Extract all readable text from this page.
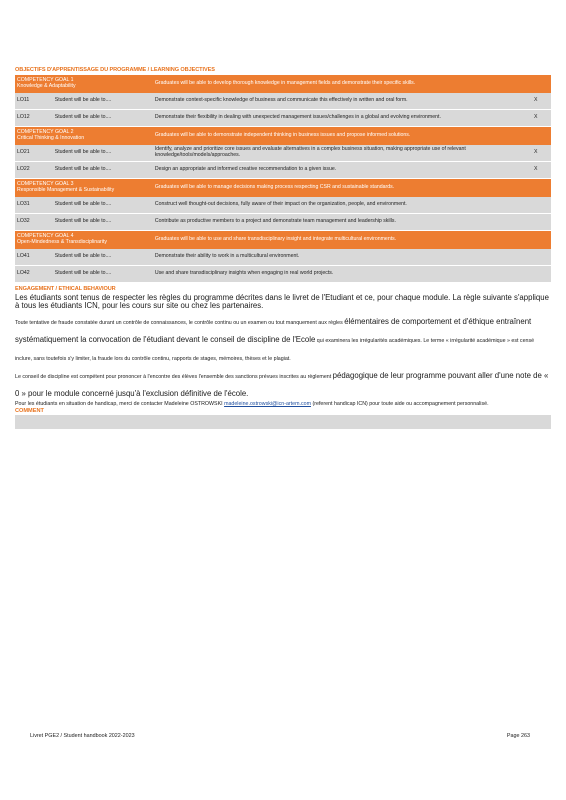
OBJECTIFS D'APPRENTISSAGE DU PROGRAMME / LEARNING OBJECTIVES
COMPETENCY GOAL 1
Knowledge & Adaptability		Graduates will be able to develop thorough knowledge in management fields and demonstrate their specific skills.	
LO11	Student will be able to....	Demonstrate context-specific knowledge of business and communicate this effectively in written and oral form.	X
LO12	Student will be able to....	Demonstrate their flexibility in dealing with unexpected management issues/challenges in a global and evolving environment.	X

COMPETENCY GOAL 2
Critical Thinking & Innovation		Graduates will be able to demonstrate independent thinking in business issues and propose informed solutions.	
LO21	Student will be able to....	Identify, analyze and prioritize core issues and evaluate alternatives in a complex business situation, making appropriate use of relevant knowledge/tools/models/approaches.	X
LO22	Student will be able to....	Design an appropriate and informed creative recommendation to a given issue.	X

COMPETENCY GOAL 3
Responsible Management & Sustainability		Graduates will be able to manage decisions making process respecting CSR and sustainable standards.	
LO31	Student will be able to....	Construct well thought-out decisions, fully aware of their impact on the organization, people, and environment.	
LO32	Student will be able to....	Contribute as productive members to a project and demonstrate team management and leadership skills.	

COMPETENCY GOAL 4
Open-Mindedness & Transdisciplinarity		Graduates will be able to use and share transdisciplinary insight and integrate multicultural environments.	
LO41	Student will be able to....	Demonstrate their ability to work in a multicultural environment.	
LO42	Student will be able to....	Use and share transdisciplinary insights when engaging in real world projects.	
ENGAGEMENT / ETHICAL BEHAVIOUR
Les étudiants sont tenus de respecter les règles du programme décrites dans le livret de l'Etudiant et ce, pour chaque module. La règle suivante s'applique à tous les étudiants ICN, pour les cours sur site ou chez les partenaires.
Toute tentative de fraude constatée durant un contrôle de connaissances, le contrôle continu ou un examen ou tout manquement aux règles élémentaires de comportement et d'éthique entraînent systématiquement la convocation de l'étudiant devant le conseil de discipline de l'Ecole qui examinera les irrégularités académiques. Le terme « irrégularité académique » est censé inclure, sans toutefois s'y limiter, la fraude lors du contrôle continu, rapports de stages, mémoires, thèses et le plagiat.
Le conseil de discipline est compétent pour prononcer à l'encontre des élèves l'ensemble des sanctions prévues inscrites au règlement pédagogique de leur programme pouvant aller d'une note de « 0 » pour le module concerné jusqu'à l'exclusion définitive de l'école.
Pour les étudiants en situation de handicap, merci de contacter Madeleine OSTROWSKI madeleine.ostrowski@icn-artem.com (referent handicap ICN) pour toute aide ou accompagnement personnalisé.
COMMENT
Livret PGE2 / Student handbook 2022-2023	Page 263
